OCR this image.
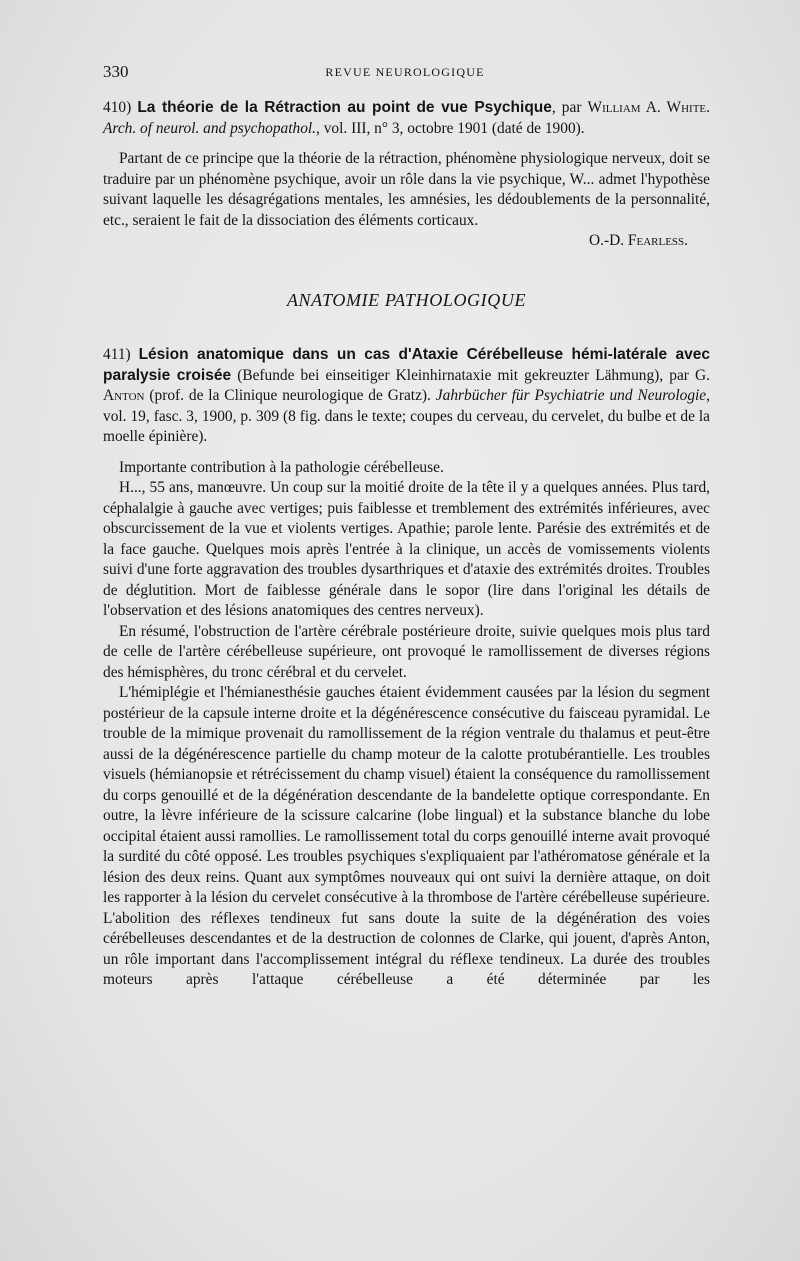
330	REVUE NEUROLOGIQUE

410) La théorie de la Rétraction au point de vue Psychique, par William A. White. Arch. of neurol. and psychopathol., vol. III, n° 3, octobre 1901 (daté de 1900).

Partant de ce principe que la théorie de la rétraction, phénomène physiologique nerveux, doit se traduire par un phénomène psychique, avoir un rôle dans la vie psychique, W... admet l'hypothèse suivant laquelle les désagrégations mentales, les amnésies, les dédoublements de la personnalité, etc., seraient le fait de la dissociation des éléments corticaux.

O.-D. Fearless.
ANATOMIE PATHOLOGIQUE

411) Lésion anatomique dans un cas d'Ataxie Cérébelleuse hémi-latérale avec paralysie croisée (Befunde bei einseitiger Kleinhirnataxie mit gekreuzter Lähmung), par G. Anton (prof. de la Clinique neurologique de Gratz). Jahrbücher für Psychiatrie und Neurologie, vol. 19, fasc. 3, 1900, p. 309 (8 fig. dans le texte; coupes du cerveau, du cervelet, du bulbe et de la moelle épinière).

Importante contribution à la pathologie cérébelleuse.

H..., 55 ans, manœuvre. Un coup sur la moitié droite de la tête il y a quelques années. Plus tard, céphalalgie à gauche avec vertiges; puis faiblesse et tremblement des extrémités inférieures, avec obscurcissement de la vue et violents vertiges. Apathie; parole lente. Parésie des extrémités et de la face gauche. Quelques mois après l'entrée à la clinique, un accès de vomissements violents suivi d'une forte aggravation des troubles dysarthriques et d'ataxie des extrémités droites. Troubles de déglutition. Mort de faiblesse générale dans le sopor (lire dans l'original les détails de l'observation et des lésions anatomiques des centres nerveux).

En résumé, l'obstruction de l'artère cérébrale postérieure droite, suivie quelques mois plus tard de celle de l'artère cérébelleuse supérieure, ont provoqué le ramollissement de diverses régions des hémisphères, du tronc cérébral et du cervelet.

L'hémiplégie et l'hémianesthésie gauches étaient évidemment causées par la lésion du segment postérieur de la capsule interne droite et la dégénérescence consécutive du faisceau pyramidal. Le trouble de la mimique provenait du ramollissement de la région ventrale du thalamus et peut-être aussi de la dégénérescence partielle du champ moteur de la calotte protubérantielle. Les troubles visuels (hémianopsie et rétrécissement du champ visuel) étaient la conséquence du ramollissement du corps genouillé et de la dégénération descendante de la bandelette optique correspondante. En outre, la lèvre inférieure de la scissure calcarine (lobe lingual) et la substance blanche du lobe occipital étaient aussi ramollies. Le ramollissement total du corps genouillé interne avait provoqué la surdité du côté opposé. Les troubles psychiques s'expliquaient par l'athéromatose générale et la lésion des deux reins. Quant aux symptômes nouveaux qui ont suivi la dernière attaque, on doit les rapporter à la lésion du cervelet consécutive à la thrombose de l'artère cérébelleuse supérieure. L'abolition des réflexes tendineux fut sans doute la suite de la dégénération des voies cérébelleuses descendantes et de la destruction de colonnes de Clarke, qui jouent, d'après Anton, un rôle important dans l'accomplissement intégral du réflexe tendineux. La durée des troubles moteurs après l'attaque cérébelleuse a été déterminée par les
